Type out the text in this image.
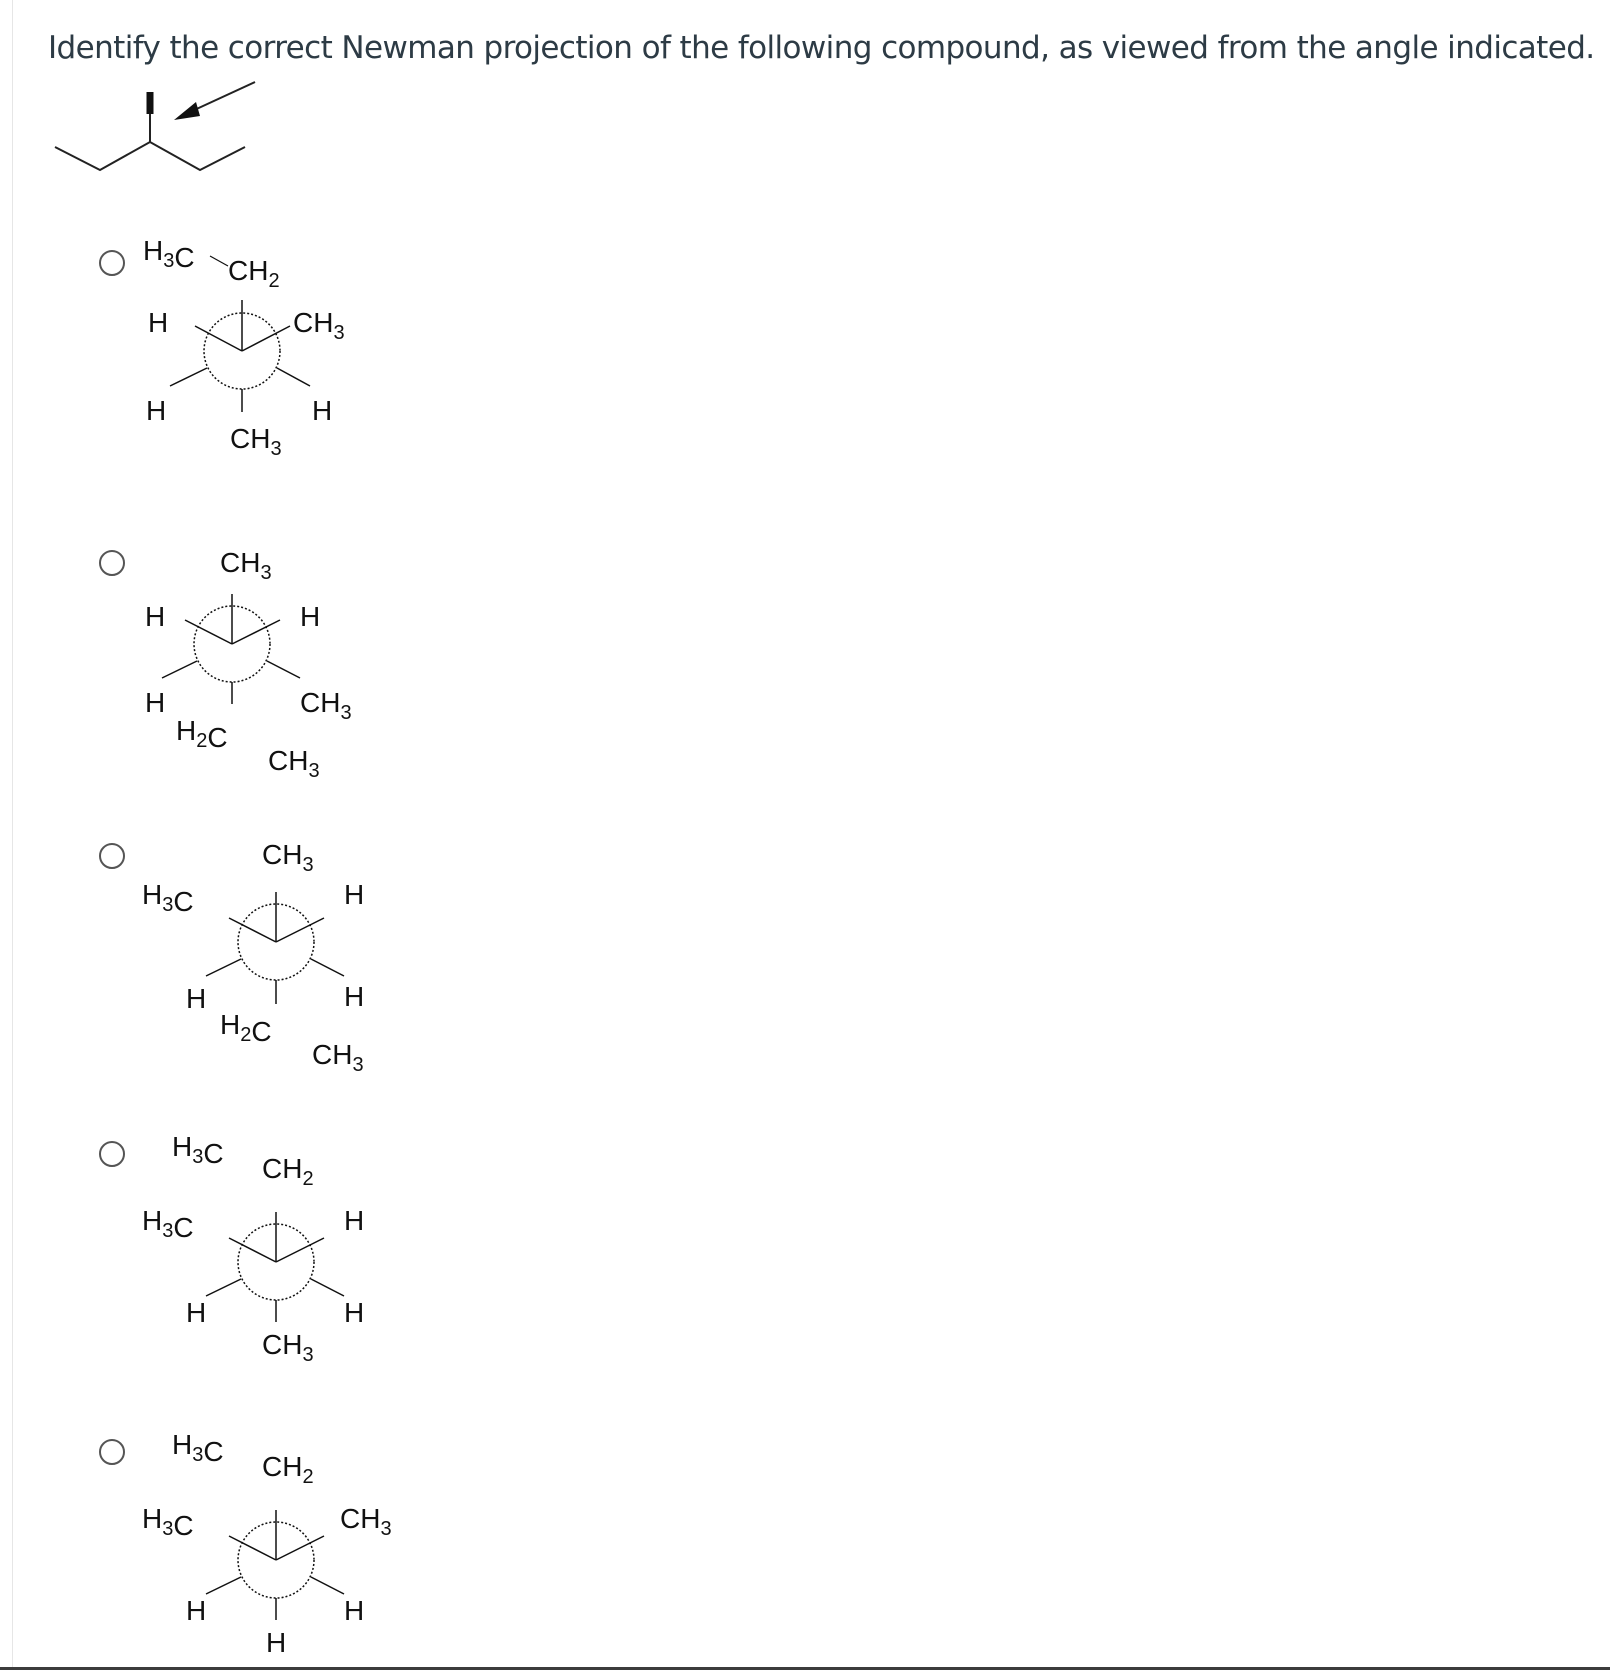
Identify the correct Newman projection of the following compound, as viewed from the angle indicated.
$H_3C$ $CH_2$
H	$CH_3$
H	H
$CH_3$
$CH_3$
H	H
H	$CH_3$
$H_2C$
$CH_3$
$CH_3$
$H_3C$	H
H	H
$H_2C$
$CH_3$
$H_3C$ $CH_2$
$H_3C$	H
H	H
$CH_3$
$H_3C$ $CH_2$
$H_3C$	$CH_3$
H	H
H
